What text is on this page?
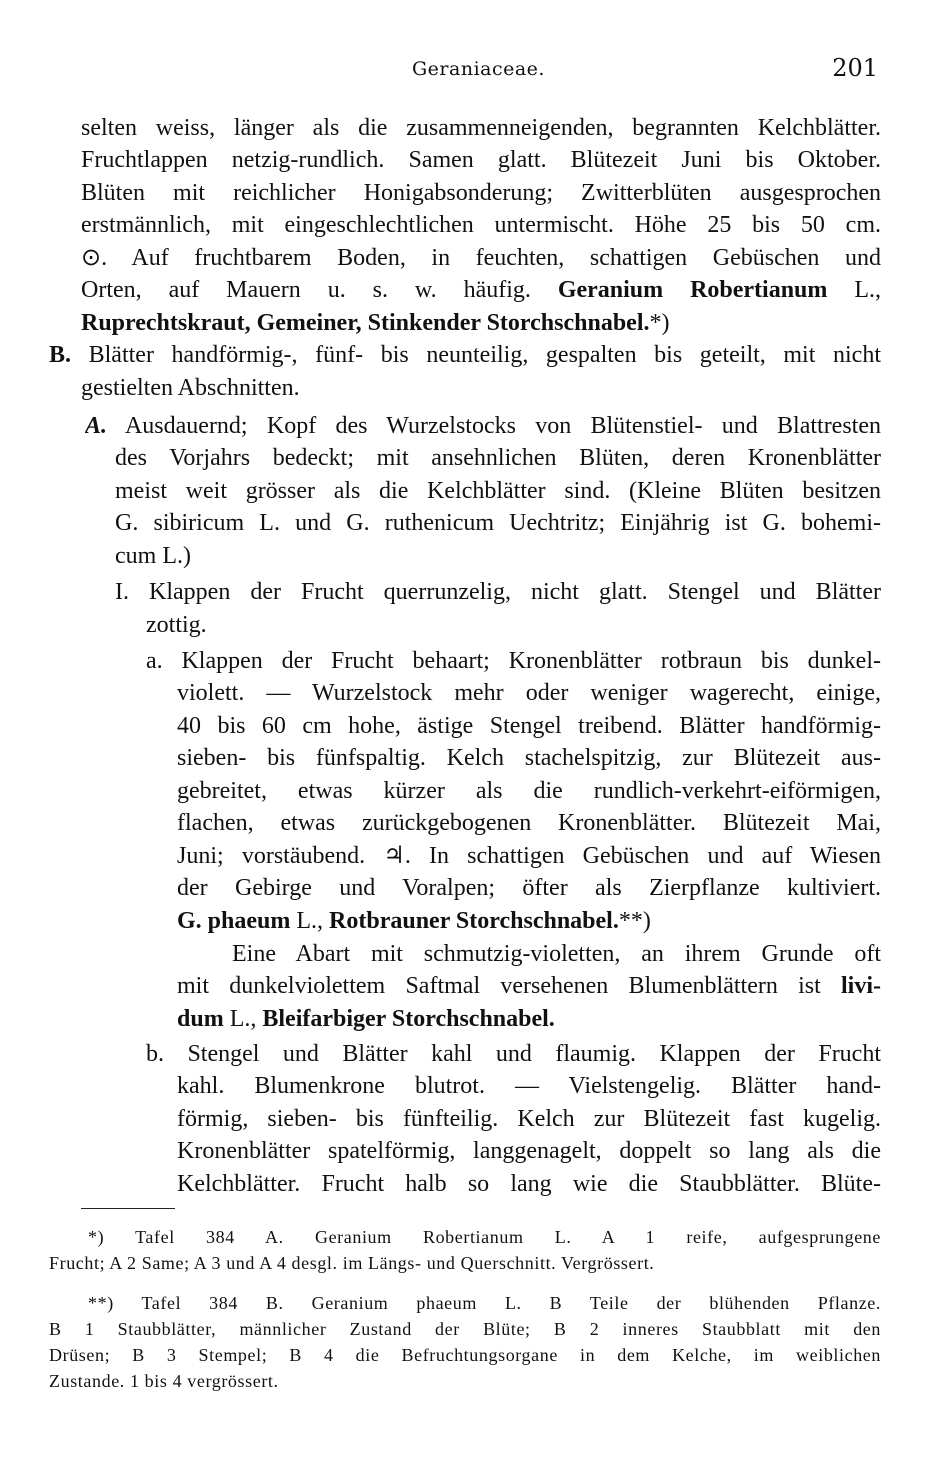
Geraniaceae.	201
selten weiss, länger als die zusammenneigenden, begrannten Kelchblätter.
Fruchtlappen netzig-rundlich. Samen glatt. Blütezeit Juni bis Oktober.
Blüten mit reichlicher Honigabsonderung; Zwitterblüten ausgesprochen
erstmännlich, mit eingeschlechtlichen untermischt. Höhe 25 bis 50 cm.
⊙. Auf fruchtbarem Boden, in feuchten, schattigen Gebüschen und
Orten, auf Mauern u. s. w. häufig. Geranium Robertianum L.,
Ruprechtskraut, Gemeiner, Stinkender Storchschnabel.*)
B. Blätter handförmig-, fünf- bis neunteilig, gespalten bis geteilt, mit nicht
gestielten Abschnitten.
A. Ausdauernd; Kopf des Wurzelstocks von Blütenstiel- und Blattresten
des Vorjahrs bedeckt; mit ansehnlichen Blüten, deren Kronenblätter
meist weit grösser als die Kelchblätter sind. (Kleine Blüten besitzen
G. sibiricum L. und G. ruthenicum Uechtritz; Einjährig ist G. bohemi-
cum L.)
I. Klappen der Frucht querrunzelig, nicht glatt. Stengel und Blätter
zottig.
a. Klappen der Frucht behaart; Kronenblätter rotbraun bis dunkel-
violett. — Wurzelstock mehr oder weniger wagerecht, einige,
40 bis 60 cm hohe, ästige Stengel treibend. Blätter handförmig-
sieben- bis fünfspaltig. Kelch stachelspitzig, zur Blütezeit aus-
gebreitet, etwas kürzer als die rundlich-verkehrt-eiförmigen,
flachen, etwas zurückgebogenen Kronenblätter. Blütezeit Mai,
Juni; vorstäubend. ♃. In schattigen Gebüschen und auf Wiesen
der Gebirge und Voralpen; öfter als Zierpflanze kultiviert.
G. phaeum L., Rotbrauner Storchschnabel.**)
Eine Abart mit schmutzig-violetten, an ihrem Grunde oft
mit dunkelviolettem Saftmal versehenen Blumenblättern ist livi-
dum L., Bleifarbiger Storchschnabel.
b. Stengel und Blätter kahl und flaumig. Klappen der Frucht
kahl. Blumenkrone blutrot. — Vielstengelig. Blätter hand-
förmig, sieben- bis fünfteilig. Kelch zur Blütezeit fast kugelig.
Kronenblätter spatelförmig, langgenagelt, doppelt so lang als die
Kelchblätter. Frucht halb so lang wie die Staubblätter. Blüte-
*) Tafel 384 A. Geranium Robertianum L. A 1 reife, aufgesprungene
Frucht; A 2 Same; A 3 und A 4 desgl. im Längs- und Querschnitt. Vergrössert.
**) Tafel 384 B. Geranium phaeum L. B Teile der blühenden Pflanze.
B 1 Staubblätter, männlicher Zustand der Blüte; B 2 inneres Staubblatt mit den
Drüsen; B 3 Stempel; B 4 die Befruchtungsorgane in dem Kelche, im weiblichen
Zustande. 1 bis 4 vergrössert.
